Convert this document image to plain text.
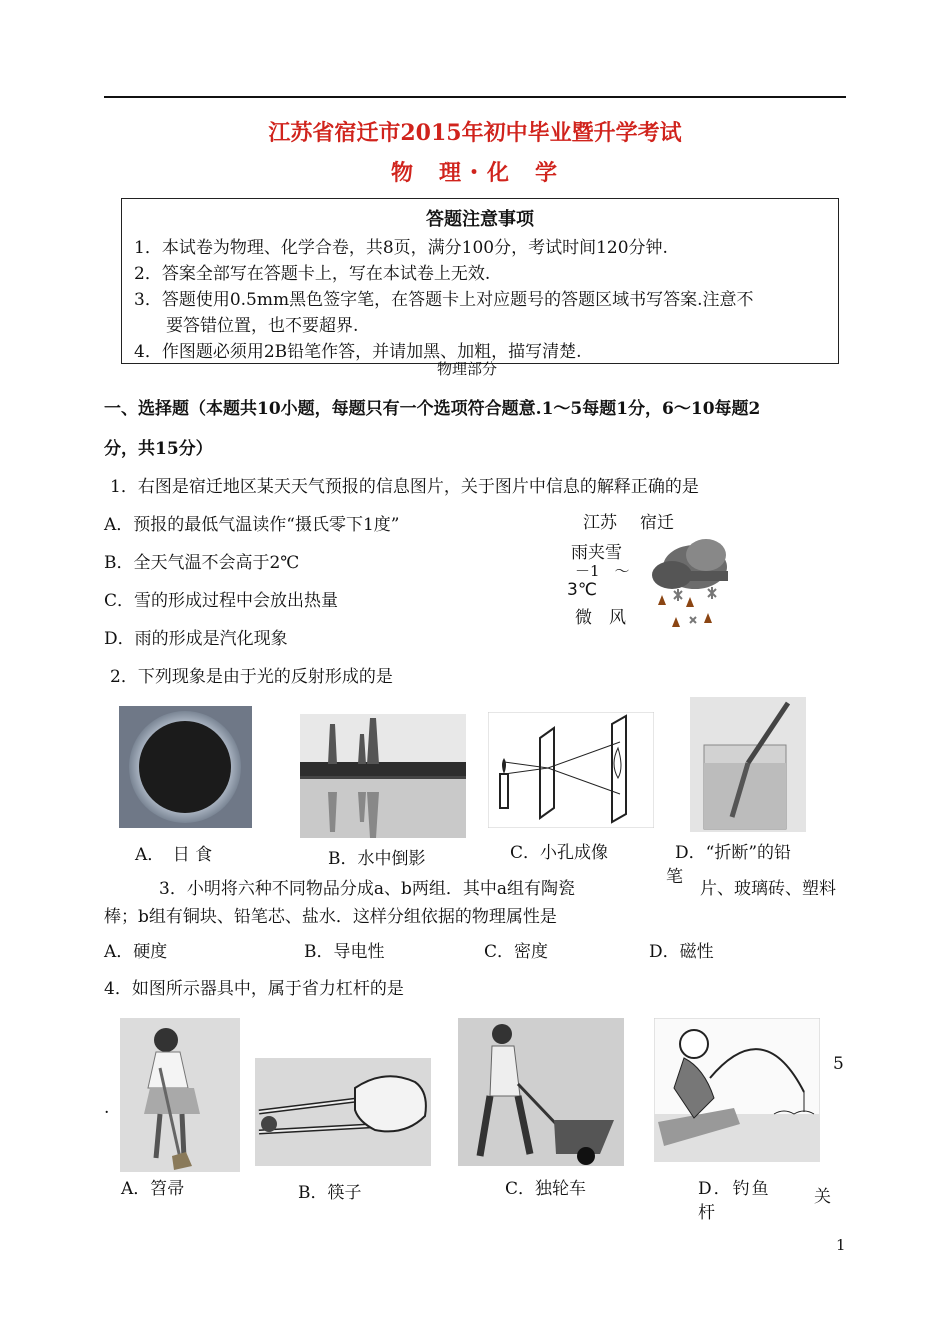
江苏省宿迁市2015年初中毕业暨升学考试
物　理・化　学
答题注意事项
1．本试卷为物理、化学合卷，共8页，满分100分，考试时间120分钟.
2．答案全部写在答题卡上，写在本试卷上无效.
3．答题使用0.5mm黑色签字笔，在答题卡上对应题号的答题区域书写答案.注意不
要答错位置，也不要超界.
4．作图题必须用2B铅笔作答，并请加黑、加粗，描写清楚.
物理部分
一、选择题（本题共10小题，每题只有一个选项符合题意.1～5每题1分，6～10每题2
分，共15分）
1．右图是宿迁地区某天天气预报的信息图片，关于图片中信息的解释正确的是
A．预报的最低气温读作“摄氏零下1度”
B．全天气温不会高于2℃
C．雪的形成过程中会放出热量
D．雨的形成是汽化现象
江苏 宿迁
雨夹雪
－1　～
3℃
微　风
2．下列现象是由于光的反射形成的是
A．　日 食	B．水中倒影	C．小孔成像	D．“折断”的铅
笔
3．小明将六种不同物品分成a、b两组．其中a组有陶瓷	片、玻璃砖、塑料
棒；b组有铜块、铅笔芯、盐水．这样分组依据的物理属性是
A．硬度	B．导电性	C．密度	D．磁性
4．如图所示器具中，属于省力杠杆的是
A．笤帚	B．筷子	C．独轮车	D．钓鱼
杆
5
.
关
1
